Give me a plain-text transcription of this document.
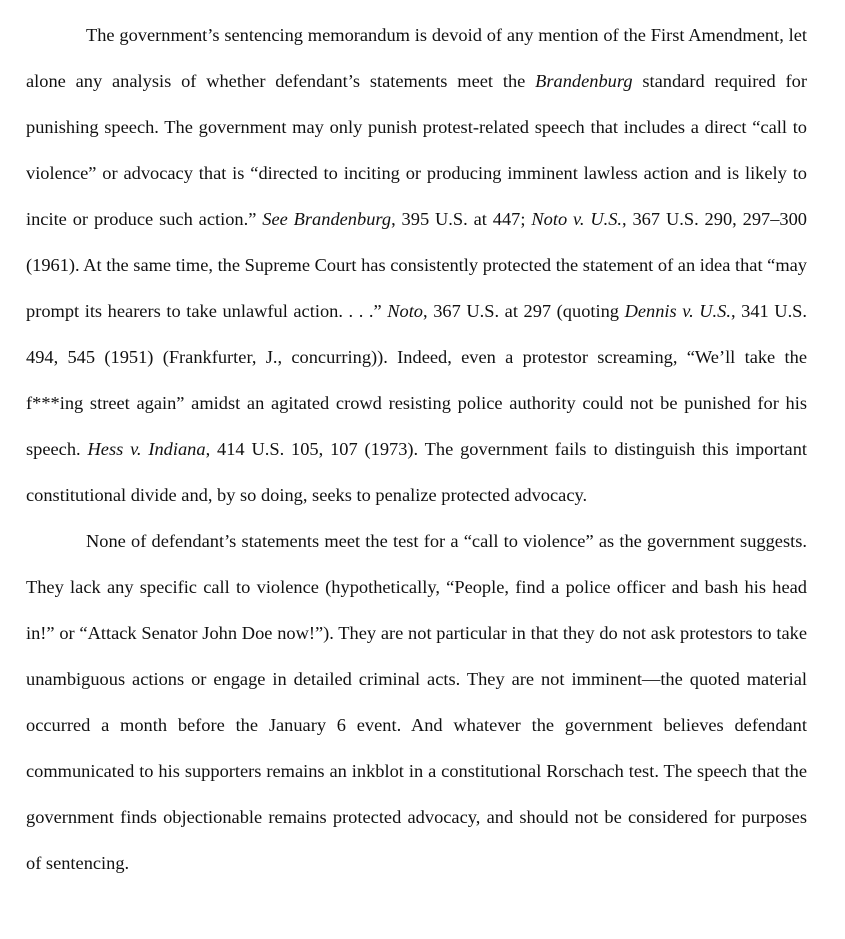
The government’s sentencing memorandum is devoid of any mention of the First Amendment, let alone any analysis of whether defendant’s statements meet the Brandenburg standard required for punishing speech. The government may only punish protest-related speech that includes a direct “call to violence” or advocacy that is “directed to inciting or producing imminent lawless action and is likely to incite or produce such action.” See Brandenburg, 395 U.S. at 447; Noto v. U.S., 367 U.S. 290, 297–300 (1961). At the same time, the Supreme Court has consistently protected the statement of an idea that “may prompt its hearers to take unlawful action. . . .” Noto, 367 U.S. at 297 (quoting Dennis v. U.S., 341 U.S. 494, 545 (1951) (Frankfurter, J., concurring)). Indeed, even a protestor screaming, “We’ll take the f***ing street again” amidst an agitated crowd resisting police authority could not be punished for his speech. Hess v. Indiana, 414 U.S. 105, 107 (1973). The government fails to distinguish this important constitutional divide and, by so doing, seeks to penalize protected advocacy.

None of defendant’s statements meet the test for a “call to violence” as the government suggests. They lack any specific call to violence (hypothetically, “People, find a police officer and bash his head in!” or “Attack Senator John Doe now!”). They are not particular in that they do not ask protestors to take unambiguous actions or engage in detailed criminal acts. They are not imminent—the quoted material occurred a month before the January 6 event. And whatever the government believes defendant communicated to his supporters remains an inkblot in a constitutional Rorschach test. The speech that the government finds objectionable remains protected advocacy, and should not be considered for purposes of sentencing.
